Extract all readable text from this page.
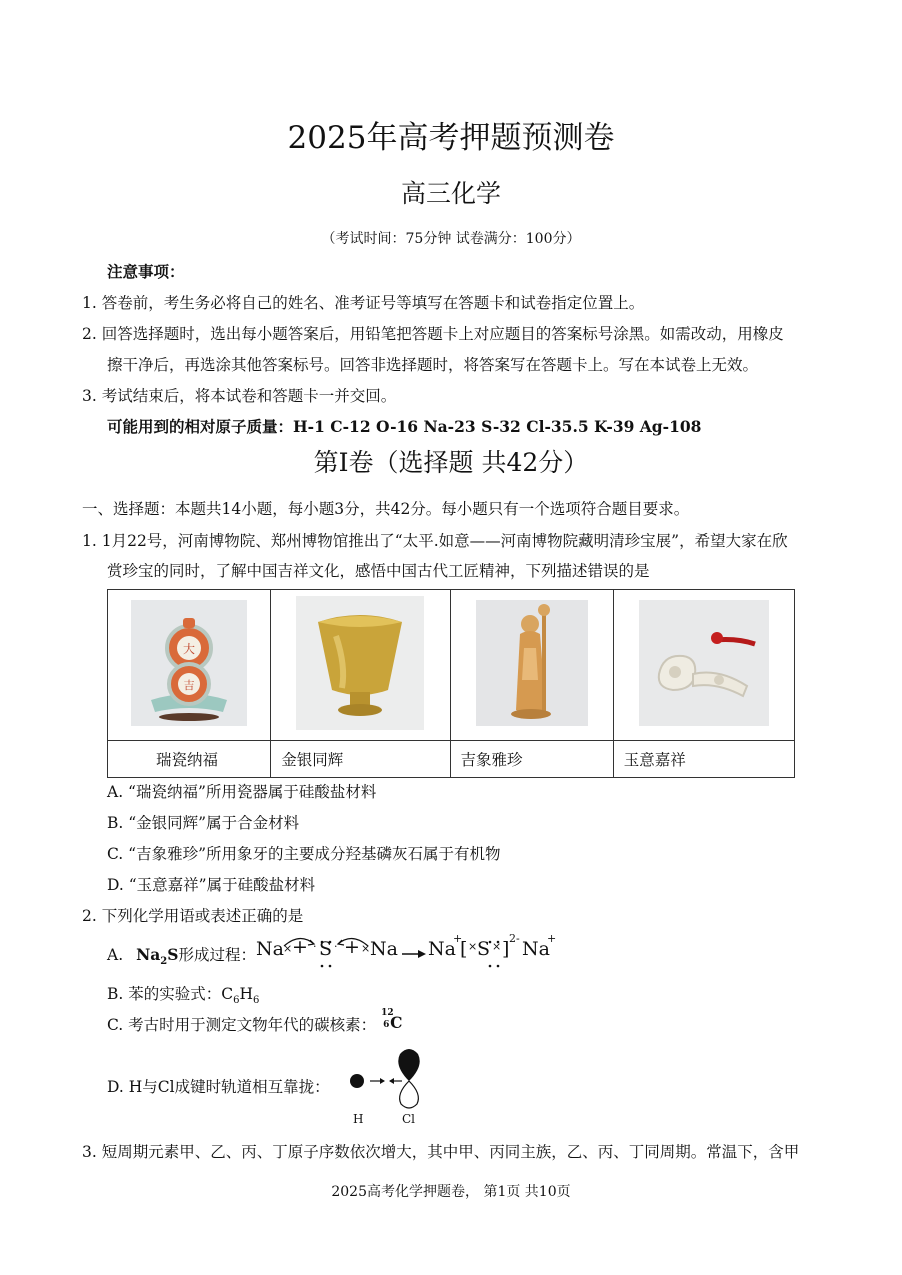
2025年高考押题预测卷
高三化学
（考试时间：75分钟 试卷满分：100分）
注意事项：
1. 答卷前，考生务必将自己的姓名、准考证号等填写在答题卡和试卷指定位置上。
2. 回答选择题时，选出每小题答案后，用铅笔把答题卡上对应题目的答案标号涂黑。如需改动，用橡皮
擦干净后，再选涂其他答案标号。回答非选择题时，将答案写在答题卡上。写在本试卷上无效。
3. 考试结束后，将本试卷和答题卡一并交回。
可能用到的相对原子质量：H-1 C-12 O-16 Na-23 S-32 Cl-35.5 K-39 Ag-108
第I卷（选择题 共42分）
一、选择题：本题共14小题，每小题3分，共42分。每小题只有一个选项符合题目要求。
1. 1月22号，河南博物院、郑州博物馆推出了“太平.如意——河南博物院藏明清珍宝展”，希望大家在欣
赏珍宝的同时，了解中国吉祥文化，感悟中国古代工匠精神，下列描述错误的是
大
吉

瑞瓷纳福	金银同辉	吉象雅珍	玉意嘉祥
A. “瑞瓷纳福”所用瓷器属于硅酸盐材料
B. “金银同辉”属于合金材料
C. “吉象雅珍”所用象牙的主要成分羟基磷灰石属于有机物
D. “玉意嘉祥”属于硅酸盐材料
2. 下列化学用语或表述正确的是
A. $Na_2S$形成过程： Na × + · S · + × Na Na
+
[ × S × ] 2- Na
+
B. 苯的实验式：$C_6H_6$
C. 考古时用于测定文物年代的碳核素：
12
6 C
D. H与Cl成键时轨道相互靠拢：
H	Cl
3. 短周期元素甲、乙、丙、丁原子序数依次增大，其中甲、丙同主族，乙、丙、丁同周期。常温下，含甲
2025高考化学押题卷， 第1页 共10页
